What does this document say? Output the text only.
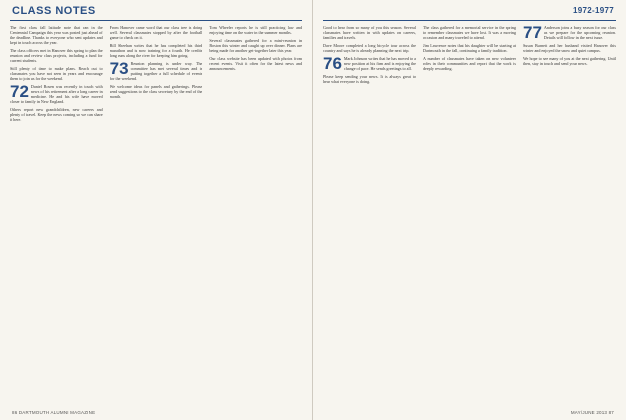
CLASS NOTES

The first class fall latitude note that ran in the Centennial Campaign this year was posted just ahead of the deadline. Thanks to everyone who sent updates and kept in touch across the year.

The class officers met in Hanover this spring to plan the reunion and review class projects, including a fund for current students.

Still plenty of time to make plans. Reach out to classmates you have not seen in years and encourage them to join us for the weekend.

72 Daniel Rosen was recently in touch with news of his retirement after a long career in medicine. He and his wife have moved closer to family in New England.

Others report new grandchildren, new careers and plenty of travel. Keep the news coming so we can share it here.

From Hanover came word that our class tree is doing well. Several classmates stopped by after the football game to check on it.

Bill Sheehan writes that he has completed his third marathon and is now training for a fourth. He credits long runs along the river for keeping him going.

73 Reunion planning is under way. The committee has met several times and is putting together a full schedule of events for the weekend.

We welcome ideas for panels and gatherings. Please send suggestions to the class secretary by the end of the month.

Tom Wheeler reports he is still practicing law and enjoying time on the water in the summer months.

Several classmates gathered for a mini-reunion in Boston this winter and caught up over dinner. Plans are being made for another get-together later this year.

Our class website has been updated with photos from recent events. Visit it often for the latest news and announcements.

86 DARTMOUTH ALUMNI MAGAZINE
1972-1977

Good to hear from so many of you this season. Several classmates have written in with updates on careers, families and travels.

Dave Moore completed a long bicycle tour across the country and says he is already planning the next trip.

76 Mark Johnson writes that he has moved to a new position at his firm and is enjoying the change of pace. He sends greetings to all.

Please keep sending your news. It is always great to hear what everyone is doing.

The class gathered for a memorial service in the spring to remember classmates we have lost. It was a moving occasion and many traveled to attend.

Jim Lawrence notes that his daughter will be starting at Dartmouth in the fall, continuing a family tradition.

A number of classmates have taken on new volunteer roles in their communities and report that the work is deeply rewarding.

77 Anderson joins a busy season for our class as we prepare for the upcoming reunion. Details will follow in the next issue.

Susan Burnett and her husband visited Hanover this winter and enjoyed the snow and quiet campus.

We hope to see many of you at the next gathering. Until then, stay in touch and send your news.

MAY/JUNE 2013 87
